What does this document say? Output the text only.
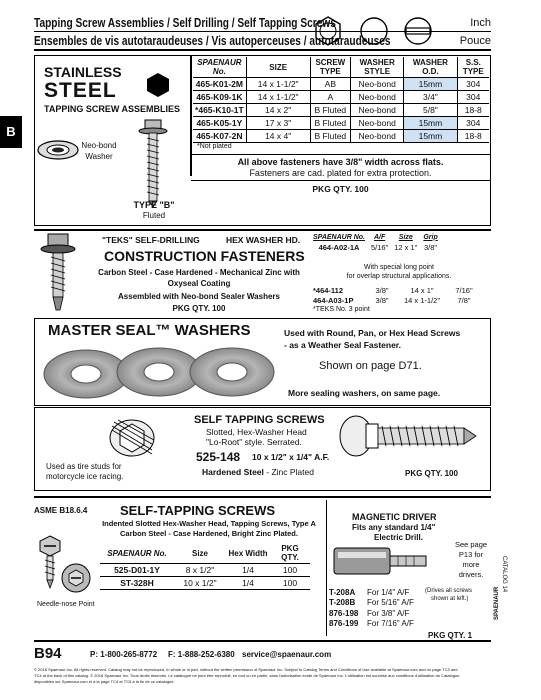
Tapping Screw Assemblies / Self Drilling / Self Tapping Screws
Ensembles de vis autotaraudeuses / Vis autoperceuses / autotaraudeuses
Inch
Pouce
B
STAINLESS
STEEL
TAPPING SCREW ASSEMBLIES
Neo-bond
Washer
TYPE "B"
Fluted
SPAENAUR No.	SIZE	SCREW TYPE	WASHER STYLE	WASHER O.D.	S.S. TYPE
465-K01-2M	14 x 1-1/2"	AB	Neo-bond	15mm	304
465-K09-1K	14 x 1-1/2"	A	Neo-bond	3/4"	304
*465-K10-1T	14 x 2"	B Fluted	Neo-bond	5/8"	18-8
465-K05-1Y	17 x 3"	B Fluted	Neo-bond	15mm	304
465-K07-2N	14 x 4"	B Fluted	Neo-bond	15mm	18-8
*Not plated
All above fasteners have 3/8" width across flats.
Fasteners are cad. plated for extra protection.
PKG QTY. 100
"TEKS" SELF-DRILLING	HEX WASHER HD.
CONSTRUCTION FASTENERS
Carbon Steel - Case Hardened - Mechanical Zinc with
Oxyseal Coating
Assembled with Neo-bond Sealer Washers
PKG QTY. 100
SPAENAUR No.	A/F	Size	Grip
464-A02-1A	5/16"	12 x 1"	3/8"
With special long point
for overlap structural applications.
*464-112	3/8"	14 x 1"	7/16"
464-A03-1P	3/8"	14 x 1-1/2"	7/8"
*TEKS No. 3 point
MASTER SEAL™ WASHERS	Used with Round, Pan, or Hex Head Screws
- as a Weather Seal Fastener.
Shown on page D71.
More sealing washers, on same page.
SELF TAPPING SCREWS
Slotted, Hex-Washer Head
"Lo-Root" style. Serrated.
525-148 10 x 1/2" x 1/4" A.F.
Hardened Steel - Zinc Plated
Used as tire studs for
motorcycle ice racing.	PKG QTY. 100
ASME B18.6.4	SELF-TAPPING SCREWS
Indented Slotted Hex-Washer Head, Tapping Screws, Type A
Carbon Steel - Case Hardened, Bright Zinc Plated.
Needle-nose Point
SPAENAUR No.	Size	Hex Width	PKG QTY.
525-D01-1Y	8 x 1/2"	1/4	100
ST-328H	10 x 1/2"	1/4	100
MAGNETIC DRIVER
Fits any standard 1/4"
Electric Drill.
See page
P13 for
more
drivers.
T-208A	For 1/4" A/F
T-208B	For 5/16" A/F
876-198	For 3/8" A/F
876-199	For 7/16" A/F
(Drives all screws
shown at left.)
PKG QTY. 1
CATALOG 14
SPAENAUR
B94	P: 1-800-265-8772 F: 1-888-252-6380 service@spaenaur.com
© 2018 Spaenaur Inc. All rights reserved. Catalog may not be reproduced, in whole or in part, without the written permission of Spaenaur Inc. Subject to Catalog Terms and Conditions of Use available at Spaenaur.com and on page TC3 and
TC4 at the back of this catalog. © 2018 Spaenaur Inc. Tous droits réservés. Le catalogue ne peut être reproduit, en tout ou en partie, sans l'autorisation écrite de Spaenaur Inc. L'utilisation est soumise aux conditions d'utilisation du Catalogue
disponibles sur Spaenaur.com et à la page TC4 et TC5 à la fin de ce catalogue.
